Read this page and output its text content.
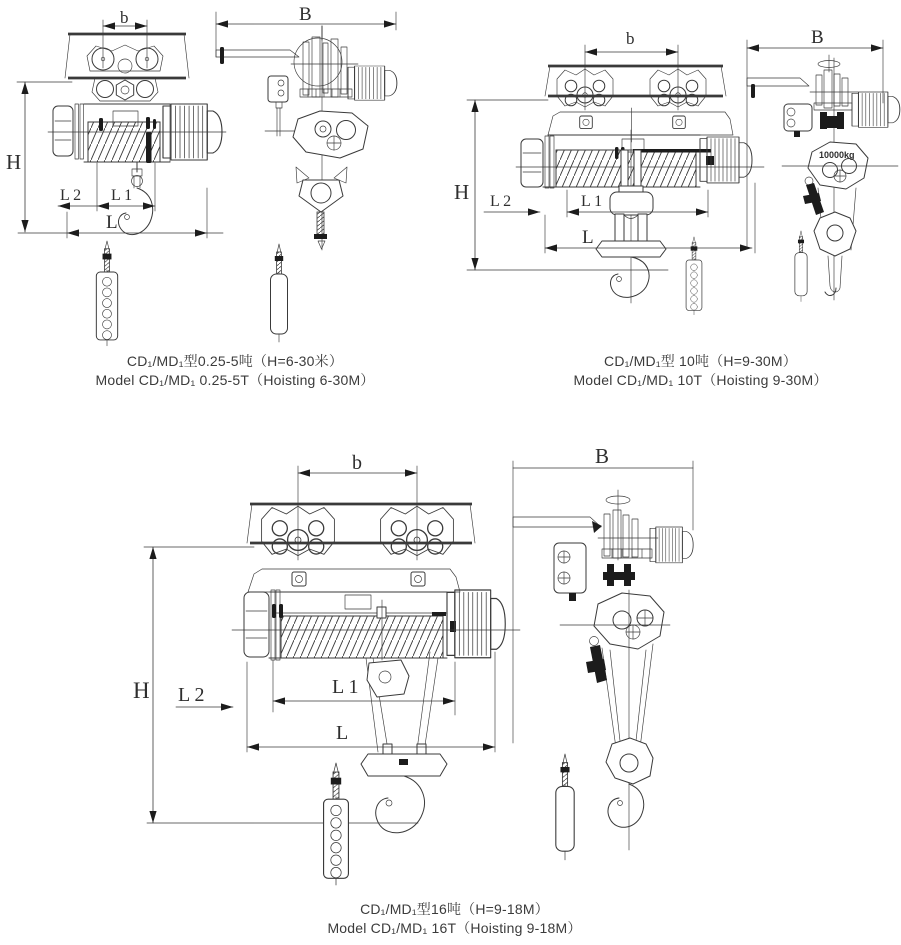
b
H
L 2 L 1
L
B
b
H L 2	L 1
L
B
10000kg
b
H L 2	L 1
L
B
CD₁/MD₁型0.25-5吨（H=6-30米）
Model CD₁/MD₁ 0.25-5T（Hoisting 6-30M）
CD₁/MD₁型 10吨（H=9-30M）
Model CD₁/MD₁ 10T（Hoisting 9-30M）
CD₁/MD₁型16吨（H=9-18M）
Model CD₁/MD₁ 16T（Hoisting 9-18M）
